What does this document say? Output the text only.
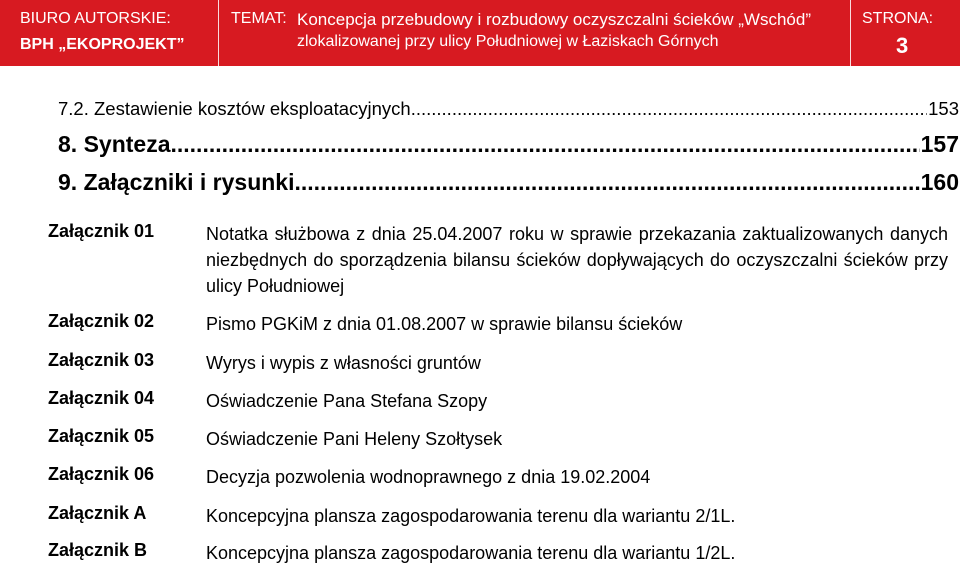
BIURO AUTORSKIE:
BPH „EKOPROJEKT”
TEMAT: Koncepcja przebudowy i rozbudowy oczyszczalni ścieków „Wschód”
zlokalizowanej przy ulicy Południowej w Łaziskach Górnych
STRONA:
3
7.2. Zestawienie kosztów eksploatacyjnych .....	153
8. Synteza .....	157
9. Załączniki i rysunki .....	160
Załącznik 01	Notatka służbowa z dnia 25.04.2007 roku w sprawie przekazania zaktualizowanych danych niezbędnych do sporządzenia bilansu ścieków dopływających do oczyszczalni ścieków przy ulicy Południowej
Załącznik 02	Pismo PGKiM z dnia 01.08.2007 w sprawie bilansu ścieków
Załącznik 03	Wyrys i wypis z własności gruntów
Załącznik 04	Oświadczenie Pana Stefana Szopy
Załącznik 05	Oświadczenie Pani Heleny Szołtysek
Załącznik 06	Decyzja pozwolenia wodnoprawnego z dnia 19.02.2004
Załącznik A	Koncepcyjna plansza zagospodarowania terenu dla wariantu 2/1L.
Załącznik B	Koncepcyjna plansza zagospodarowania terenu dla wariantu 1/2L.
